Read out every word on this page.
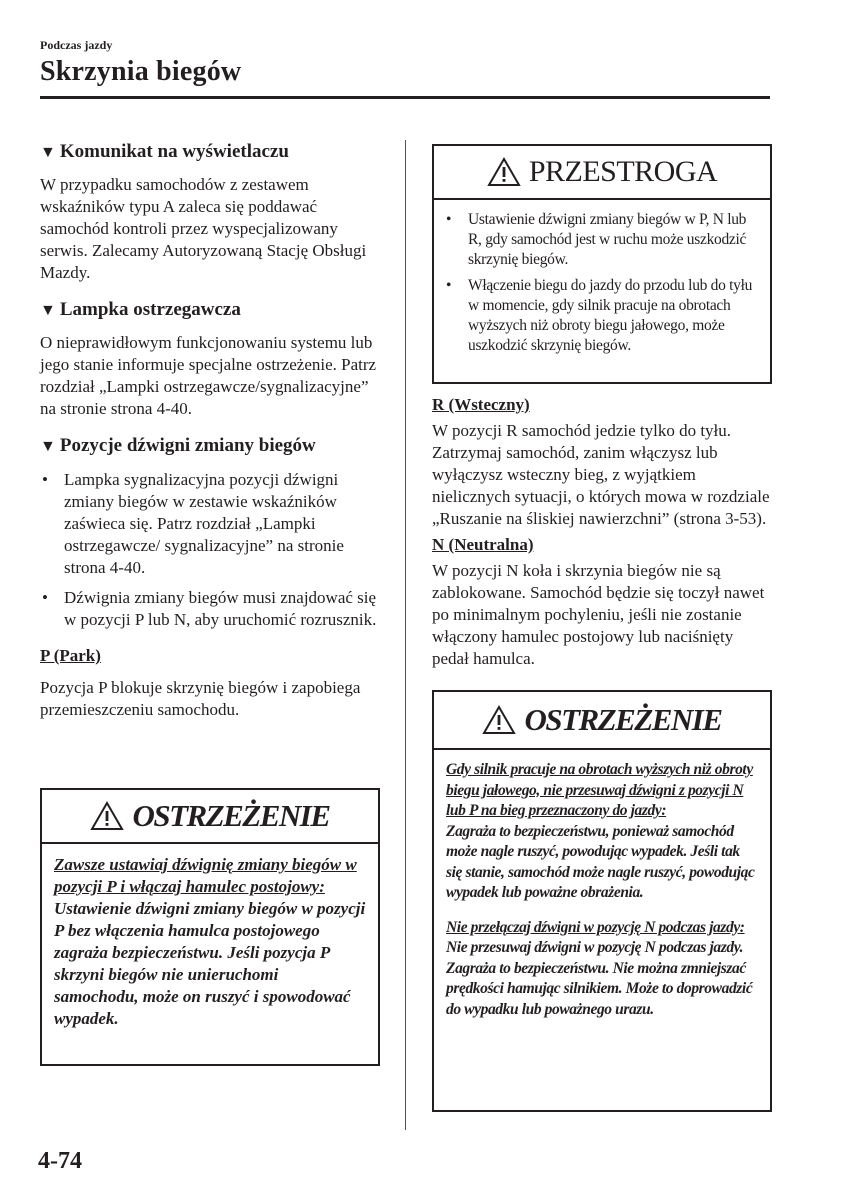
Podczas jazdy
Skrzynia biegów
▼ Komunikat na wyświetlaczu

W przypadku samochodów z zestawem wskaźników typu A zaleca się poddawać samochód kontroli przez wyspecjalizowany serwis. Zalecamy Autoryzowaną Stację Obsługi Mazdy.

▼ Lampka ostrzegawcza

O nieprawidłowym funkcjonowaniu systemu lub jego stanie informuje specjalne ostrzeżenie. Patrz rozdział „Lampki ostrzegawcze/sygnalizacyjne” na stronie strona 4-40.

▼ Pozycje dźwigni zmiany biegów
• Lampka sygnalizacyjna pozycji dźwigni zmiany biegów w zestawie wskaźników zaświeca się. Patrz rozdział „Lampki ostrzegawcze/ sygnalizacyjne” na stronie strona 4-40.
• Dźwignia zmiany biegów musi znajdować się w pozycji P lub N, aby uruchomić rozrusznik.
P (Park)

Pozycja P blokuje skrzynię biegów i zapobiega przemieszczeniu samochodu.

OSTRZEŻENIE

Zawsze ustawiaj dźwignię zmiany biegów w pozycji P i włączaj hamulec postojowy:

Ustawienie dźwigni zmiany biegów w pozycji P bez włączenia hamulca postojowego zagraża bezpieczeństwu. Jeśli pozycja P skrzyni biegów nie unieruchomi samochodu, może on ruszyć i spowodować wypadek.

PRZESTROGA
• Ustawienie dźwigni zmiany biegów w P, N lub R, gdy samochód jest w ruchu może uszkodzić skrzynię biegów.
• Włączenie biegu do jazdy do przodu lub do tyłu w momencie, gdy silnik pracuje na obrotach wyższych niż obroty biegu jałowego, może uszkodzić skrzynię biegów.
R (Wsteczny)

W pozycji R samochód jedzie tylko do tyłu. Zatrzymaj samochód, zanim włączysz lub wyłączysz wsteczny bieg, z wyjątkiem nielicznych sytuacji, o których mowa w rozdziale „Ruszanie na śliskiej nawierzchni” (strona 3-53).

N (Neutralna)

W pozycji N koła i skrzynia biegów nie są zablokowane. Samochód będzie się toczył nawet po minimalnym pochyleniu, jeśli nie zostanie włączony hamulec postojowy lub naciśnięty pedał hamulca.

OSTRZEŻENIE

Gdy silnik pracuje na obrotach wyższych niż obroty biegu jałowego, nie przesuwaj dźwigni z pozycji N lub P na bieg przeznaczony do jazdy:

Zagraża to bezpieczeństwu, ponieważ samochód może nagle ruszyć, powodując wypadek. Jeśli tak się stanie, samochód może nagle ruszyć, powodując wypadek lub poważne obrażenia.

Nie przełączaj dźwigni w pozycję N podczas jazdy:

Nie przesuwaj dźwigni w pozycję N podczas jazdy. Zagraża to bezpieczeństwu. Nie można zmniejszać prędkości hamując silnikiem. Może to doprowadzić do wypadku lub poważnego urazu.

4-74
